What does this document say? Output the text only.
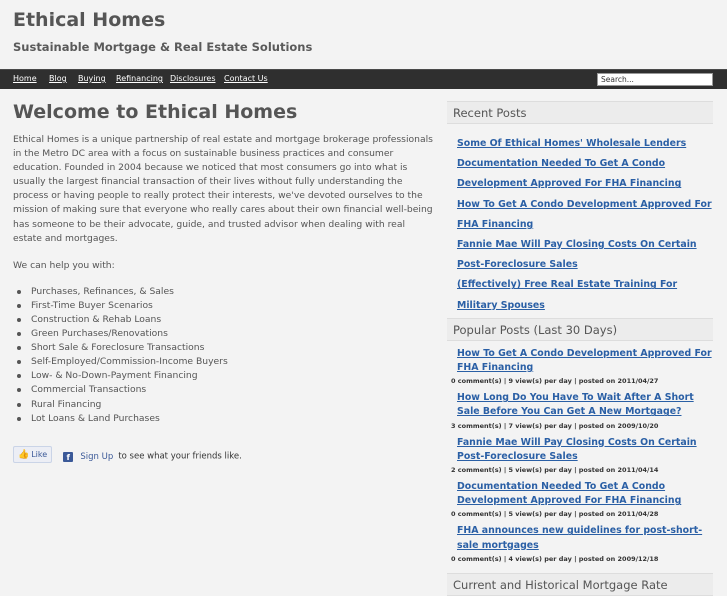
Ethical Homes
Sustainable Mortgage & Real Estate Solutions
Home Blog Buying Refinancing Disclosures Contact Us
Search...
Welcome to Ethical Homes

Ethical Homes is a unique partnership of real estate and mortgage brokerage professionals in the Metro DC area with a focus on sustainable business practices and consumer education. Founded in 2004 because we noticed that most consumers go into what is usually the largest financial transaction of their lives without fully understanding the process or having people to really protect their interests, we've devoted ourselves to the mission of making sure that everyone who really cares about their own financial well-being has someone to be their advocate, guide, and trusted advisor when dealing with real estate and mortgages.

We can help you with:

Purchases, Refinances, & Sales
First-Time Buyer Scenarios
Construction & Rehab Loans
Green Purchases/Renovations
Short Sale & Foreclosure Transactions
Self-Employed/Commission-Income Buyers
Low- & No-Down-Payment Financing
Commercial Transactions
Rural Financing
Lot Loans & Land Purchases
👍 Like f Sign Up to see what your friends like.
Recent Posts
Some Of Ethical Homes' Wholesale Lenders
Documentation Needed To Get A Condo Development Approved For FHA Financing
How To Get A Condo Development Approved For FHA Financing
Fannie Mae Will Pay Closing Costs On Certain Post-Foreclosure Sales
(Effectively) Free Real Estate Training For Military Spouses
Popular Posts (Last 30 Days)
How To Get A Condo Development Approved For FHA Financing
0 comment(s) | 9 view(s) per day | posted on 2011/04/27
How Long Do You Have To Wait After A Short Sale Before You Can Get A New Mortgage?
3 comment(s) | 7 view(s) per day | posted on 2009/10/20
Fannie Mae Will Pay Closing Costs On Certain Post-Foreclosure Sales
2 comment(s) | 5 view(s) per day | posted on 2011/04/14
Documentation Needed To Get A Condo Development Approved For FHA Financing
0 comment(s) | 5 view(s) per day | posted on 2011/04/28
FHA announces new guidelines for post-short-sale mortgages
0 comment(s) | 4 view(s) per day | posted on 2009/12/18
Current and Historical Mortgage Rate
